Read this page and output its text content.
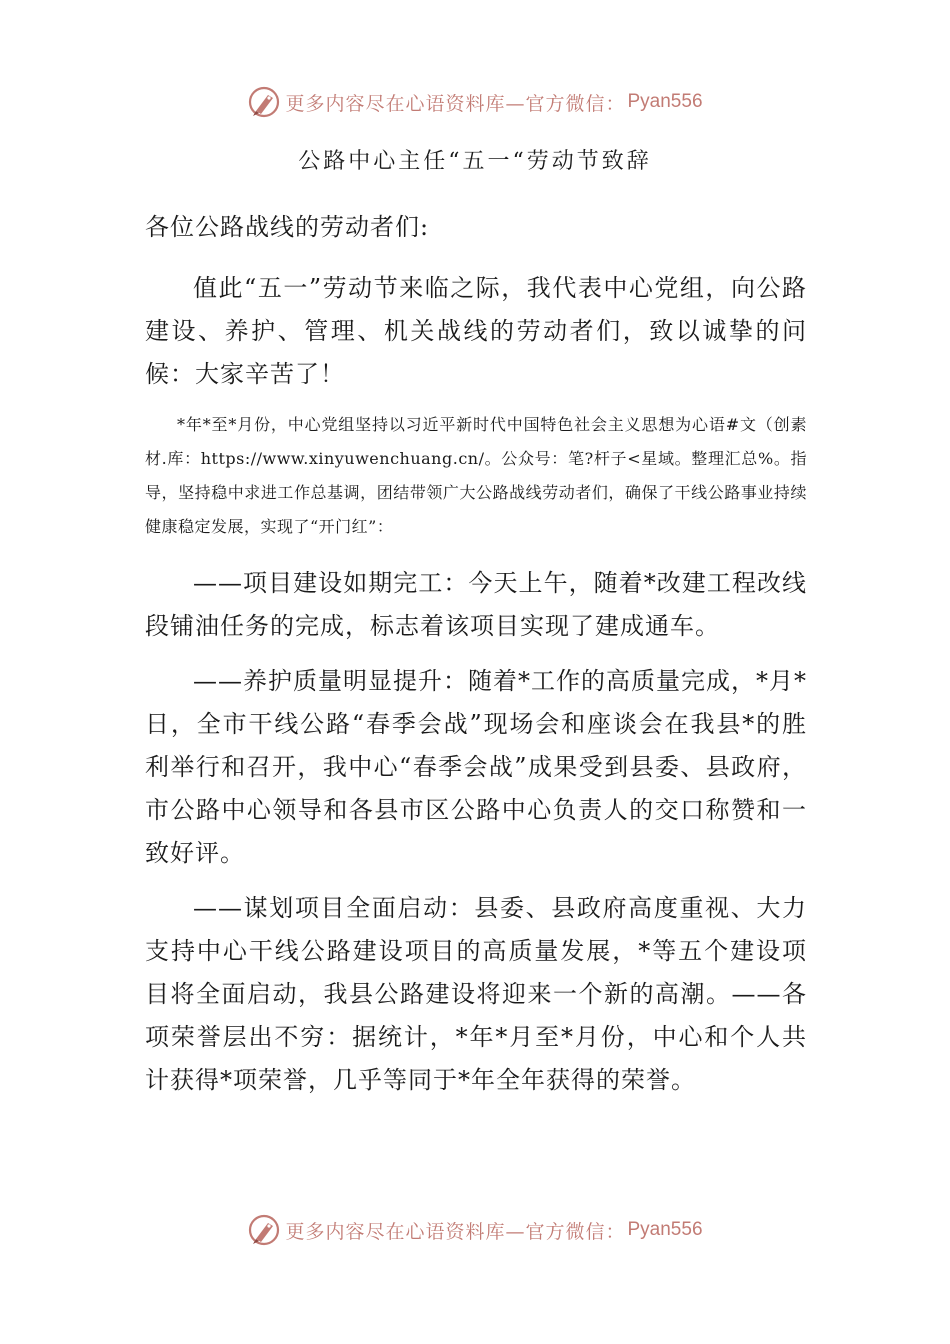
更多内容尽在心语资料库—官方微信： Pyan556
公路中心主任“五一“劳动节致辞

各位公路战线的劳动者们:

值此“五一”劳动节来临之际，我代表中心党组，向公路建设、养护、管理、机关战线的劳动者们，致以诚挚的问候：大家辛苦了！

*年*至*月份，中心党组坚持以习近平新时代中国特色社会主义思想为心语#文（创素材.库：https://www.xinyuwenchuang.cn/。公众号：笔?杆子<星域。整理汇总%。指导，坚持稳中求进工作总基调，团结带领广大公路战线劳动者们，确保了干线公路事业持续健康稳定发展，实现了“开门红”：

——项目建设如期完工：今天上午，随着*改建工程改线段铺油任务的完成，标志着该项目实现了建成通车。

——养护质量明显提升：随着*工作的高质量完成，*月*日，全市干线公路“春季会战”现场会和座谈会在我县*的胜利举行和召开，我中心“春季会战”成果受到县委、县政府，市公路中心领导和各县市区公路中心负责人的交口称赞和一致好评。

——谋划项目全面启动：县委、县政府高度重视、大力支持中心干线公路建设项目的高质量发展，*等五个建设项目将全面启动，我县公路建设将迎来一个新的高潮。——各项荣誉层出不穷：据统计，*年*月至*月份，中心和个人共计获得*项荣誉，几乎等同于*年全年获得的荣誉。

更多内容尽在心语资料库—官方微信： Pyan556
